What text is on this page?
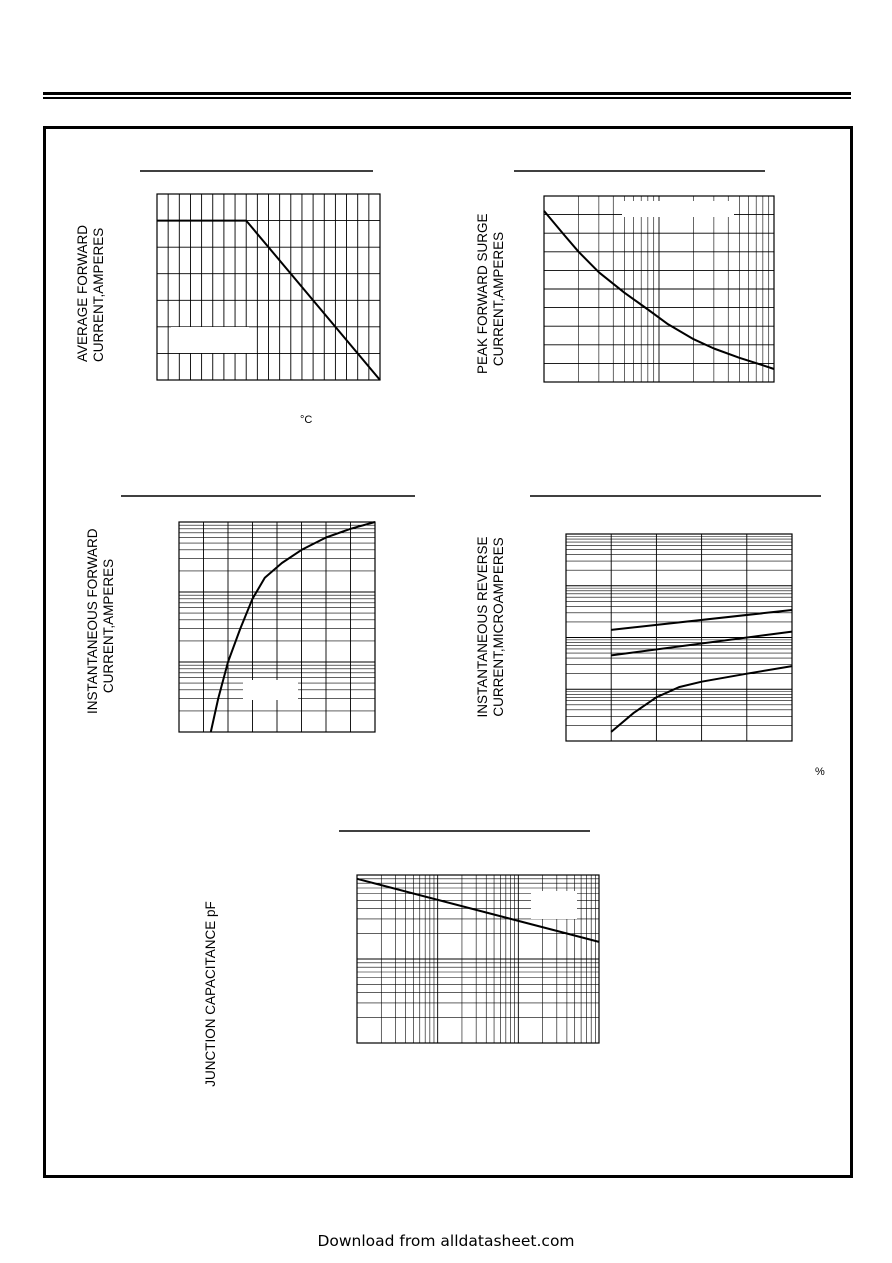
AVERAGE FORWARD
CURRENT,AMPERES
°C
PEAK FORWARD SURGE
CURRENT,AMPERES
INSTANTANEOUS FORWARD
CURRENT,AMPERES	INSTANTANEOUS REVERSE
CURRENT,MICROAMPERES
%
JUNCTION CAPACITANCE pF
Download from alldatasheet.com
